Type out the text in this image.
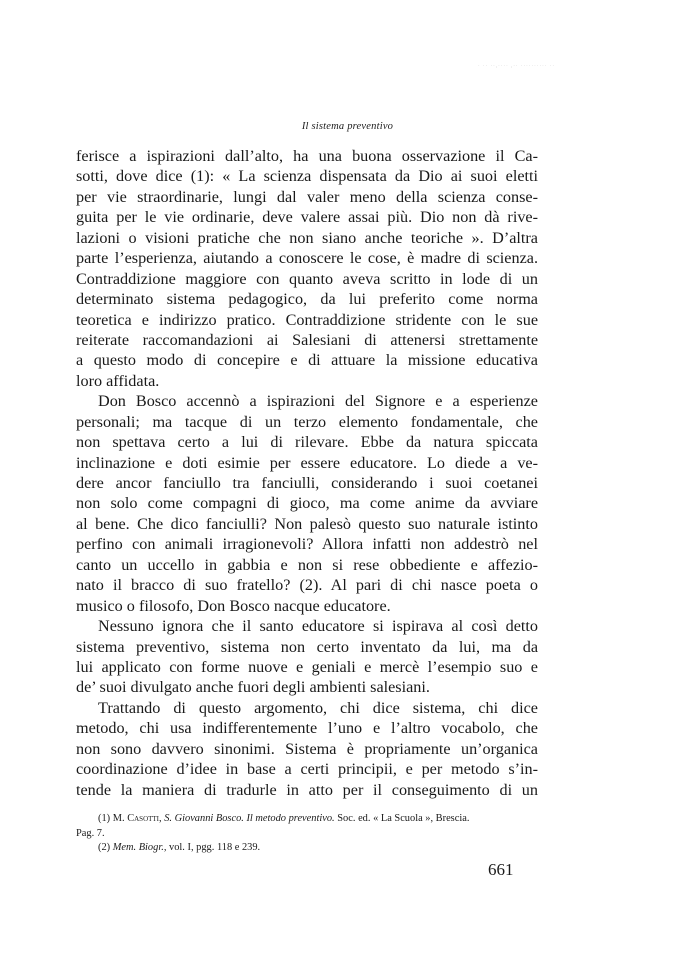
· ·· ··,···· ,·· ·········· ··
Il sistema preventivo
ferisce a ispirazioni dall’alto, ha una buona osservazione il Ca-
sotti, dove dice (1): « La scienza dispensata da Dio ai suoi eletti
per vie straordinarie, lungi dal valer meno della scienza conse-
guita per le vie ordinarie, deve valere assai più. Dio non dà rive-
lazioni o visioni pratiche che non siano anche teoriche ». D’altra
parte l’esperienza, aiutando a conoscere le cose, è madre di scienza.
Contraddizione maggiore con quanto aveva scritto in lode di un
determinato sistema pedagogico, da lui preferito come norma
teoretica e indirizzo pratico. Contraddizione stridente con le sue
reiterate raccomandazioni ai Salesiani di attenersi strettamente
a questo modo di concepire e di attuare la missione educativa
loro affidata.
Don Bosco accennò a ispirazioni del Signore e a esperienze
personali; ma tacque di un terzo elemento fondamentale, che
non spettava certo a lui di rilevare. Ebbe da natura spiccata
inclinazione e doti esimie per essere educatore. Lo diede a ve-
dere ancor fanciullo tra fanciulli, considerando i suoi coetanei
non solo come compagni di gioco, ma come anime da avviare
al bene. Che dico fanciulli? Non palesò questo suo naturale istinto
perfino con animali irragionevoli? Allora infatti non addestrò nel
canto un uccello in gabbia e non si rese obbediente e affezio-
nato il bracco di suo fratello? (2). Al pari di chi nasce poeta o
musico o filosofo, Don Bosco nacque educatore.
Nessuno ignora che il santo educatore si ispirava al così detto
sistema preventivo, sistema non certo inventato da lui, ma da
lui applicato con forme nuove e geniali e mercè l’esempio suo e
de’ suoi divulgato anche fuori degli ambienti salesiani.
Trattando di questo argomento, chi dice sistema, chi dice
metodo, chi usa indifferentemente l’uno e l’altro vocabolo, che
non sono davvero sinonimi. Sistema è propriamente un’organica
coordinazione d’idee in base a certi principii, e per metodo s’in-
tende la maniera di tradurle in atto per il conseguimento di un
(1) M. Casotti, S. Giovanni Bosco. Il metodo preventivo. Soc. ed. « La Scuola », Brescia.
Pag. 7.
(2) Mem. Biogr., vol. I, pgg. 118 e 239.
661
